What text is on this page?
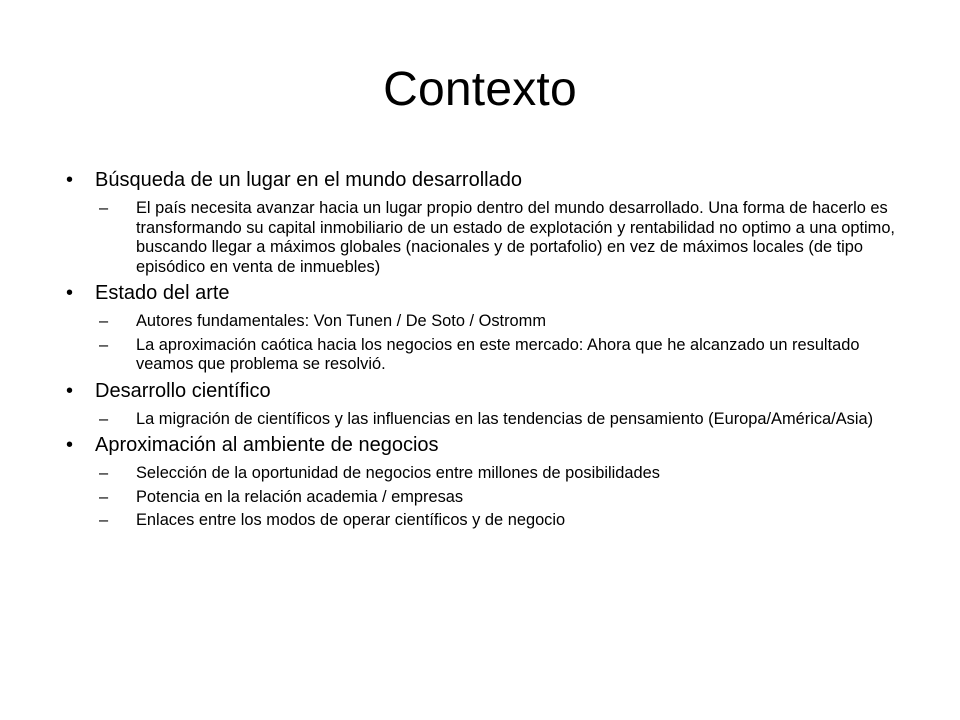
Contexto
• Búsqueda de un lugar en el mundo desarrollado
– El país necesita avanzar hacia un lugar propio dentro del mundo desarrollado. Una forma de hacerlo es transformando su capital inmobiliario de un estado de explotación y rentabilidad no optimo a una optimo, buscando llegar a máximos globales (nacionales y de portafolio) en vez de máximos locales (de tipo episódico en venta de inmuebles)
• Estado del arte
– Autores fundamentales: Von Tunen / De Soto / Ostromm
– La aproximación caótica hacia los negocios en este mercado: Ahora que he alcanzado un resultado veamos que problema se resolvió.
• Desarrollo científico
– La migración de científicos y las influencias en las tendencias de pensamiento (Europa/América/Asia)
• Aproximación al ambiente de negocios
– Selección de la oportunidad de negocios entre millones de posibilidades
– Potencia en la relación academia / empresas
– Enlaces entre los modos de operar científicos y de negocio
